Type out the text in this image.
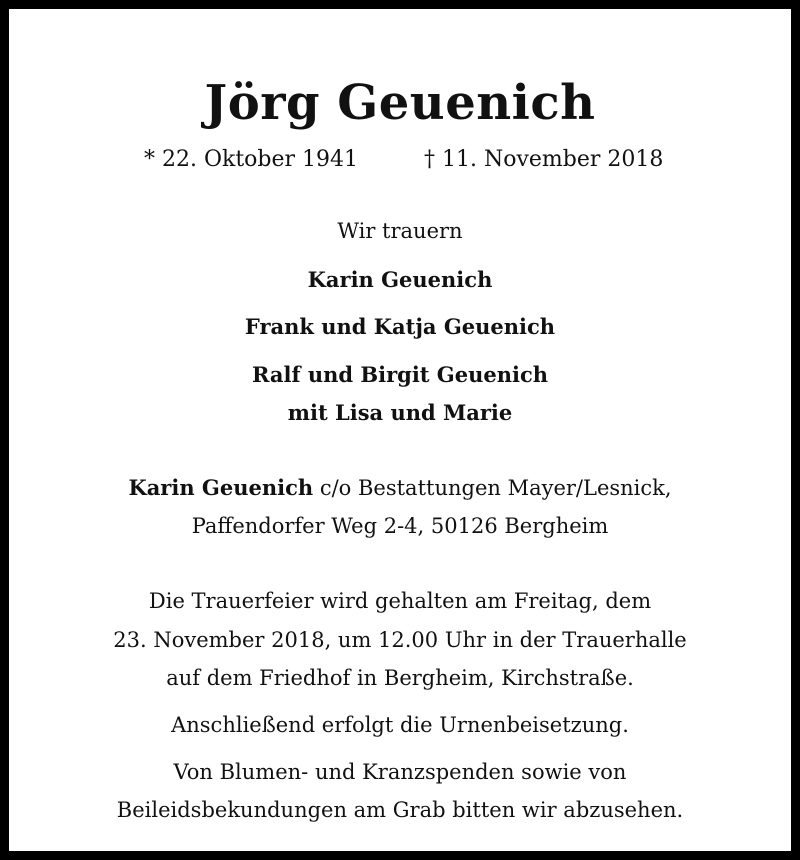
Jörg Geuenich
* 22. Oktober 1941	† 11. November 2018
Wir trauern
Karin Geuenich
Frank und Katja Geuenich
Ralf und Birgit Geuenich
mit Lisa und Marie
Karin Geuenich c/o Bestattungen Mayer/Lesnick,
Paffendorfer Weg 2-4, 50126 Bergheim
Die Trauerfeier wird gehalten am Freitag, dem
23. November 2018, um 12.00 Uhr in der Trauerhalle
auf dem Friedhof in Bergheim, Kirchstraße.
Anschließend erfolgt die Urnenbeisetzung.
Von Blumen- und Kranzspenden sowie von
Beileidsbekundungen am Grab bitten wir abzusehen.
